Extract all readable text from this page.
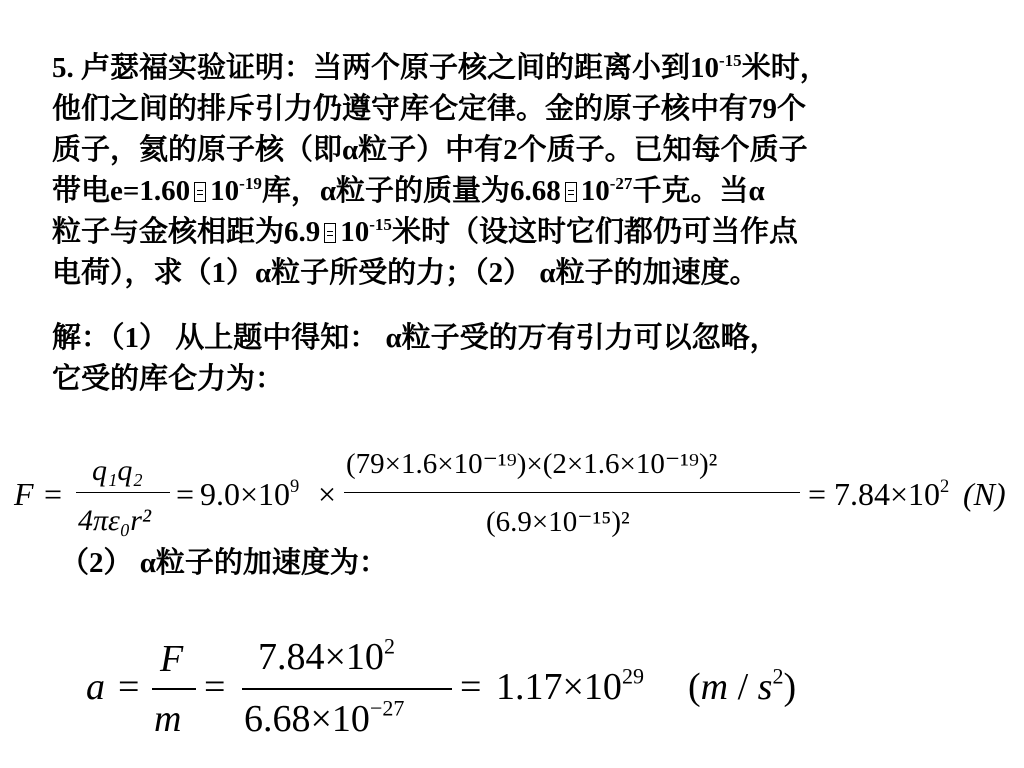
5. 卢瑟福实验证明：当两个原子核之间的距离小到$10^{-15}$米时，
他们之间的排斥引力仍遵守库仑定律。金的原子核中有79个
质子，氦的原子核（即α粒子）中有2个质子。已知每个质子
带电e=1.60 $10^{-19}$库，α粒子的质量为6.68 $10^{-27}$千克。当α
粒子与金核相距为6.9 $10^{-15}$米时（设这时它们都仍可当作点
电荷），求（1）α粒子所受的力；（2） α粒子的加速度。
解：（1） 从上题中得知： α粒子受的万有引力可以忽略，
它受的库仑力为：
F =
q₁q₂
4πε₀r²
= $9.0\times 10^9$ ×
(79×1.6×10⁻¹⁹)×(2×1.6×10⁻¹⁹)²
(6.9×10⁻¹⁵)²
= $7.84\times 10^2$ (N)
（2） α粒子的加速度为：
a =
F
m
=
$7.84\times 10^2$
$6.68\times 10^{-27}$
= $1.17\times 10^{29}$ $(m / s^2)$
